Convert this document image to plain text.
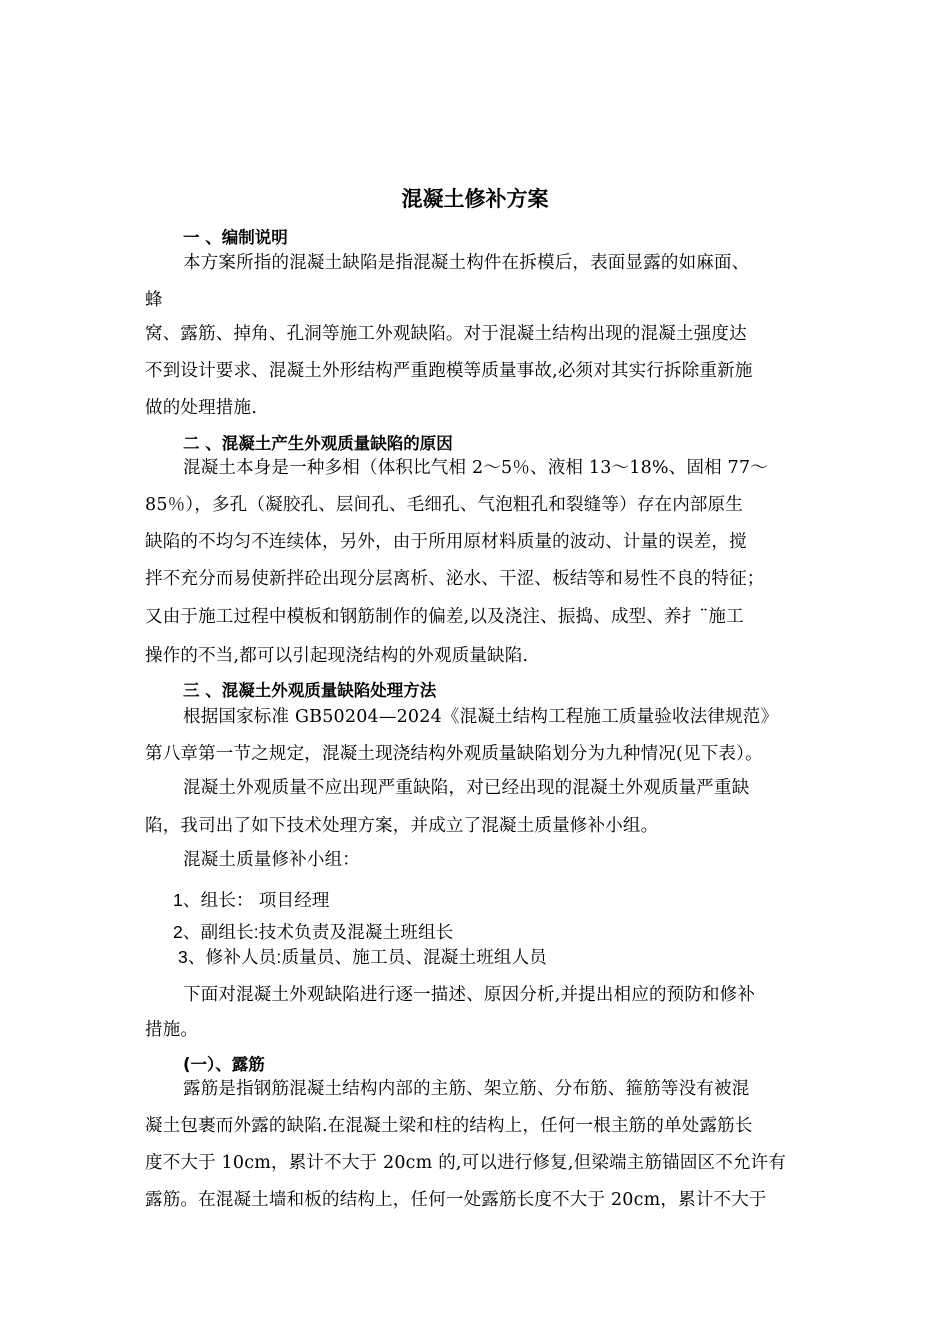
混凝土修补方案
一 、编制说明
本方案所指的混凝土缺陷是指混凝土构件在拆模后，表面显露的如麻面、
蜂
窝、露筋、掉角、孔洞等施工外观缺陷。对于混凝土结构出现的混凝土强度达
不到设计要求、混凝土外形结构严重跑模等质量事故,必须对其实行拆除重新施
做的处理措施.
二 、混凝土产生外观质量缺陷的原因
混凝土本身是一种多相（体积比气相 2～5％、液相 13～18%、固相 77～
85％），多孔（凝胶孔、层间孔、毛细孔、气泡粗孔和裂缝等）存在内部原生
缺陷的不均匀不连续体，另外，由于所用原材料质量的波动、计量的误差，搅
拌不充分而易使新拌砼出现分层离析、泌水、干涩、板结等和易性不良的特征；
又由于施工过程中模板和钢筋制作的偏差,以及浇注、振捣、成型、养扌¨施工
操作的不当,都可以引起现浇结构的外观质量缺陷.
三 、混凝土外观质量缺陷处理方法
根据国家标准 GB50204—2024《混凝土结构工程施工质量验收法律规范》
第八章第一节之规定，混凝土现浇结构外观质量缺陷划分为九种情况(见下表）。
混凝土外观质量不应出现严重缺陷，对已经出现的混凝土外观质量严重缺
陷，我司出了如下技术处理方案，并成立了混凝土质量修补小组。
混凝土质量修补小组：
1、组长： 项目经理
2、副组长:技术负责及混凝土班组长
3、修补人员:质量员、施工员、混凝土班组人员
下面对混凝土外观缺陷进行逐一描述、原因分析,并提出相应的预防和修补
措施。
(一）、露筋
露筋是指钢筋混凝土结构内部的主筋、架立筋、分布筋、箍筋等没有被混
凝土包裹而外露的缺陷.在混凝土梁和柱的结构上，任何一根主筋的单处露筋长
度不大于 10cm，累计不大于 20cm 的,可以进行修复,但梁端主筋锚固区不允许有
露筋。在混凝土墙和板的结构上，任何一处露筋长度不大于 20cm，累计不大于
